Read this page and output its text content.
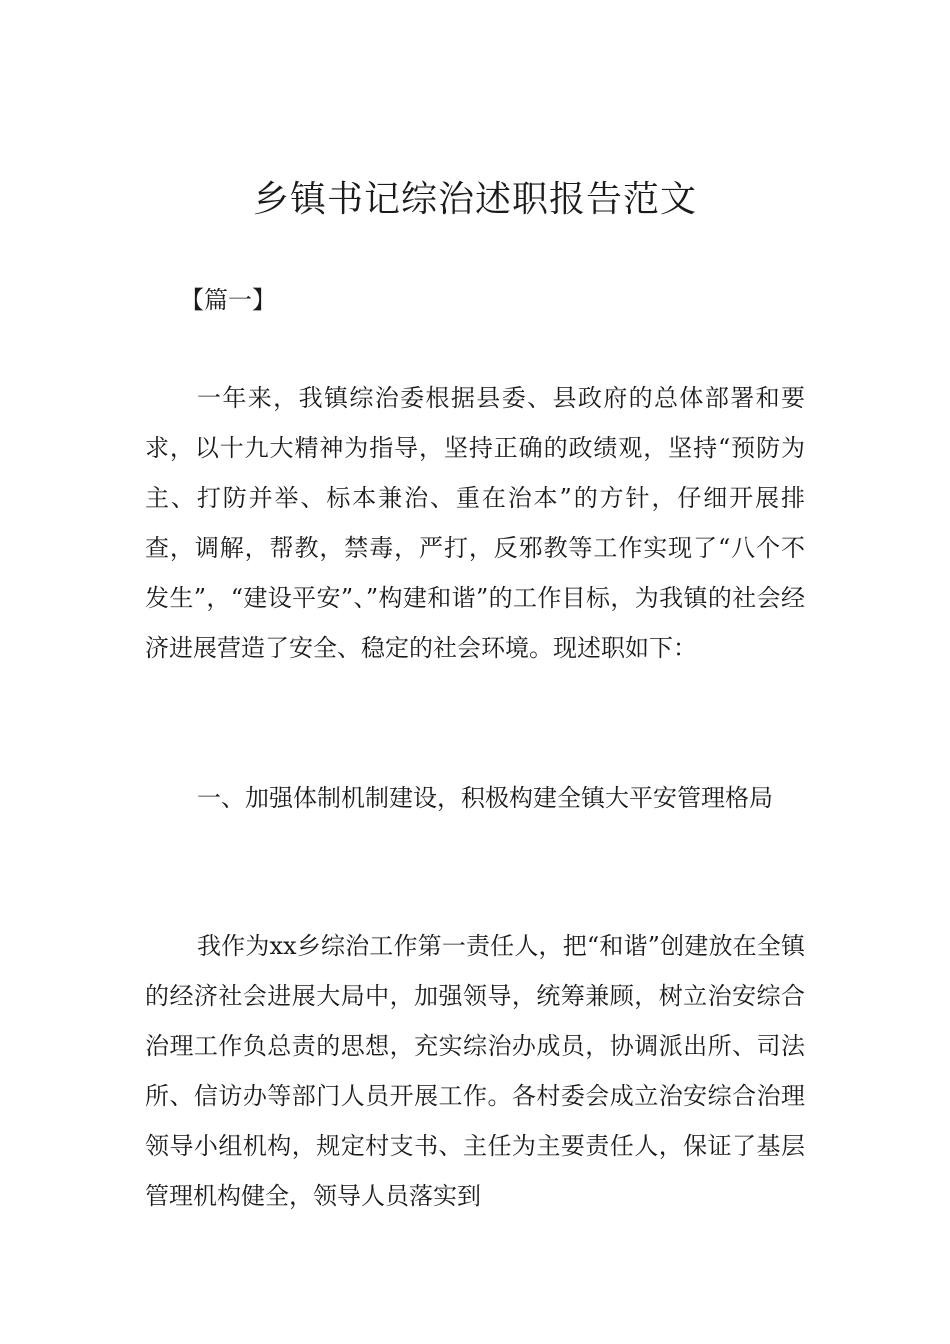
乡镇书记综治述职报告范文
【篇一】

一年来，我镇综治委根据县委、县政府的总体部署和要求，以十九大精神为指导，坚持正确的政绩观，坚持“预防为主、打防并举、标本兼治、重在治本”的方针，仔细开展排查，调解，帮教，禁毒，严打，反邪教等工作实现了“八个不发生”，“建设平安”、”构建和谐”的工作目标，为我镇的社会经济进展营造了安全、稳定的社会环境。现述职如下：

一、加强体制机制建设，积极构建全镇大平安管理格局

我作为xx乡综治工作第一责任人，把“和谐”创建放在全镇的经济社会进展大局中，加强领导，统筹兼顾，树立治安综合治理工作负总责的思想，充实综治办成员，协调派出所、司法所、信访办等部门人员开展工作。各村委会成立治安综合治理领导小组机构，规定村支书、主任为主要责任人，保证了基层管理机构健全，领导人员落实到
